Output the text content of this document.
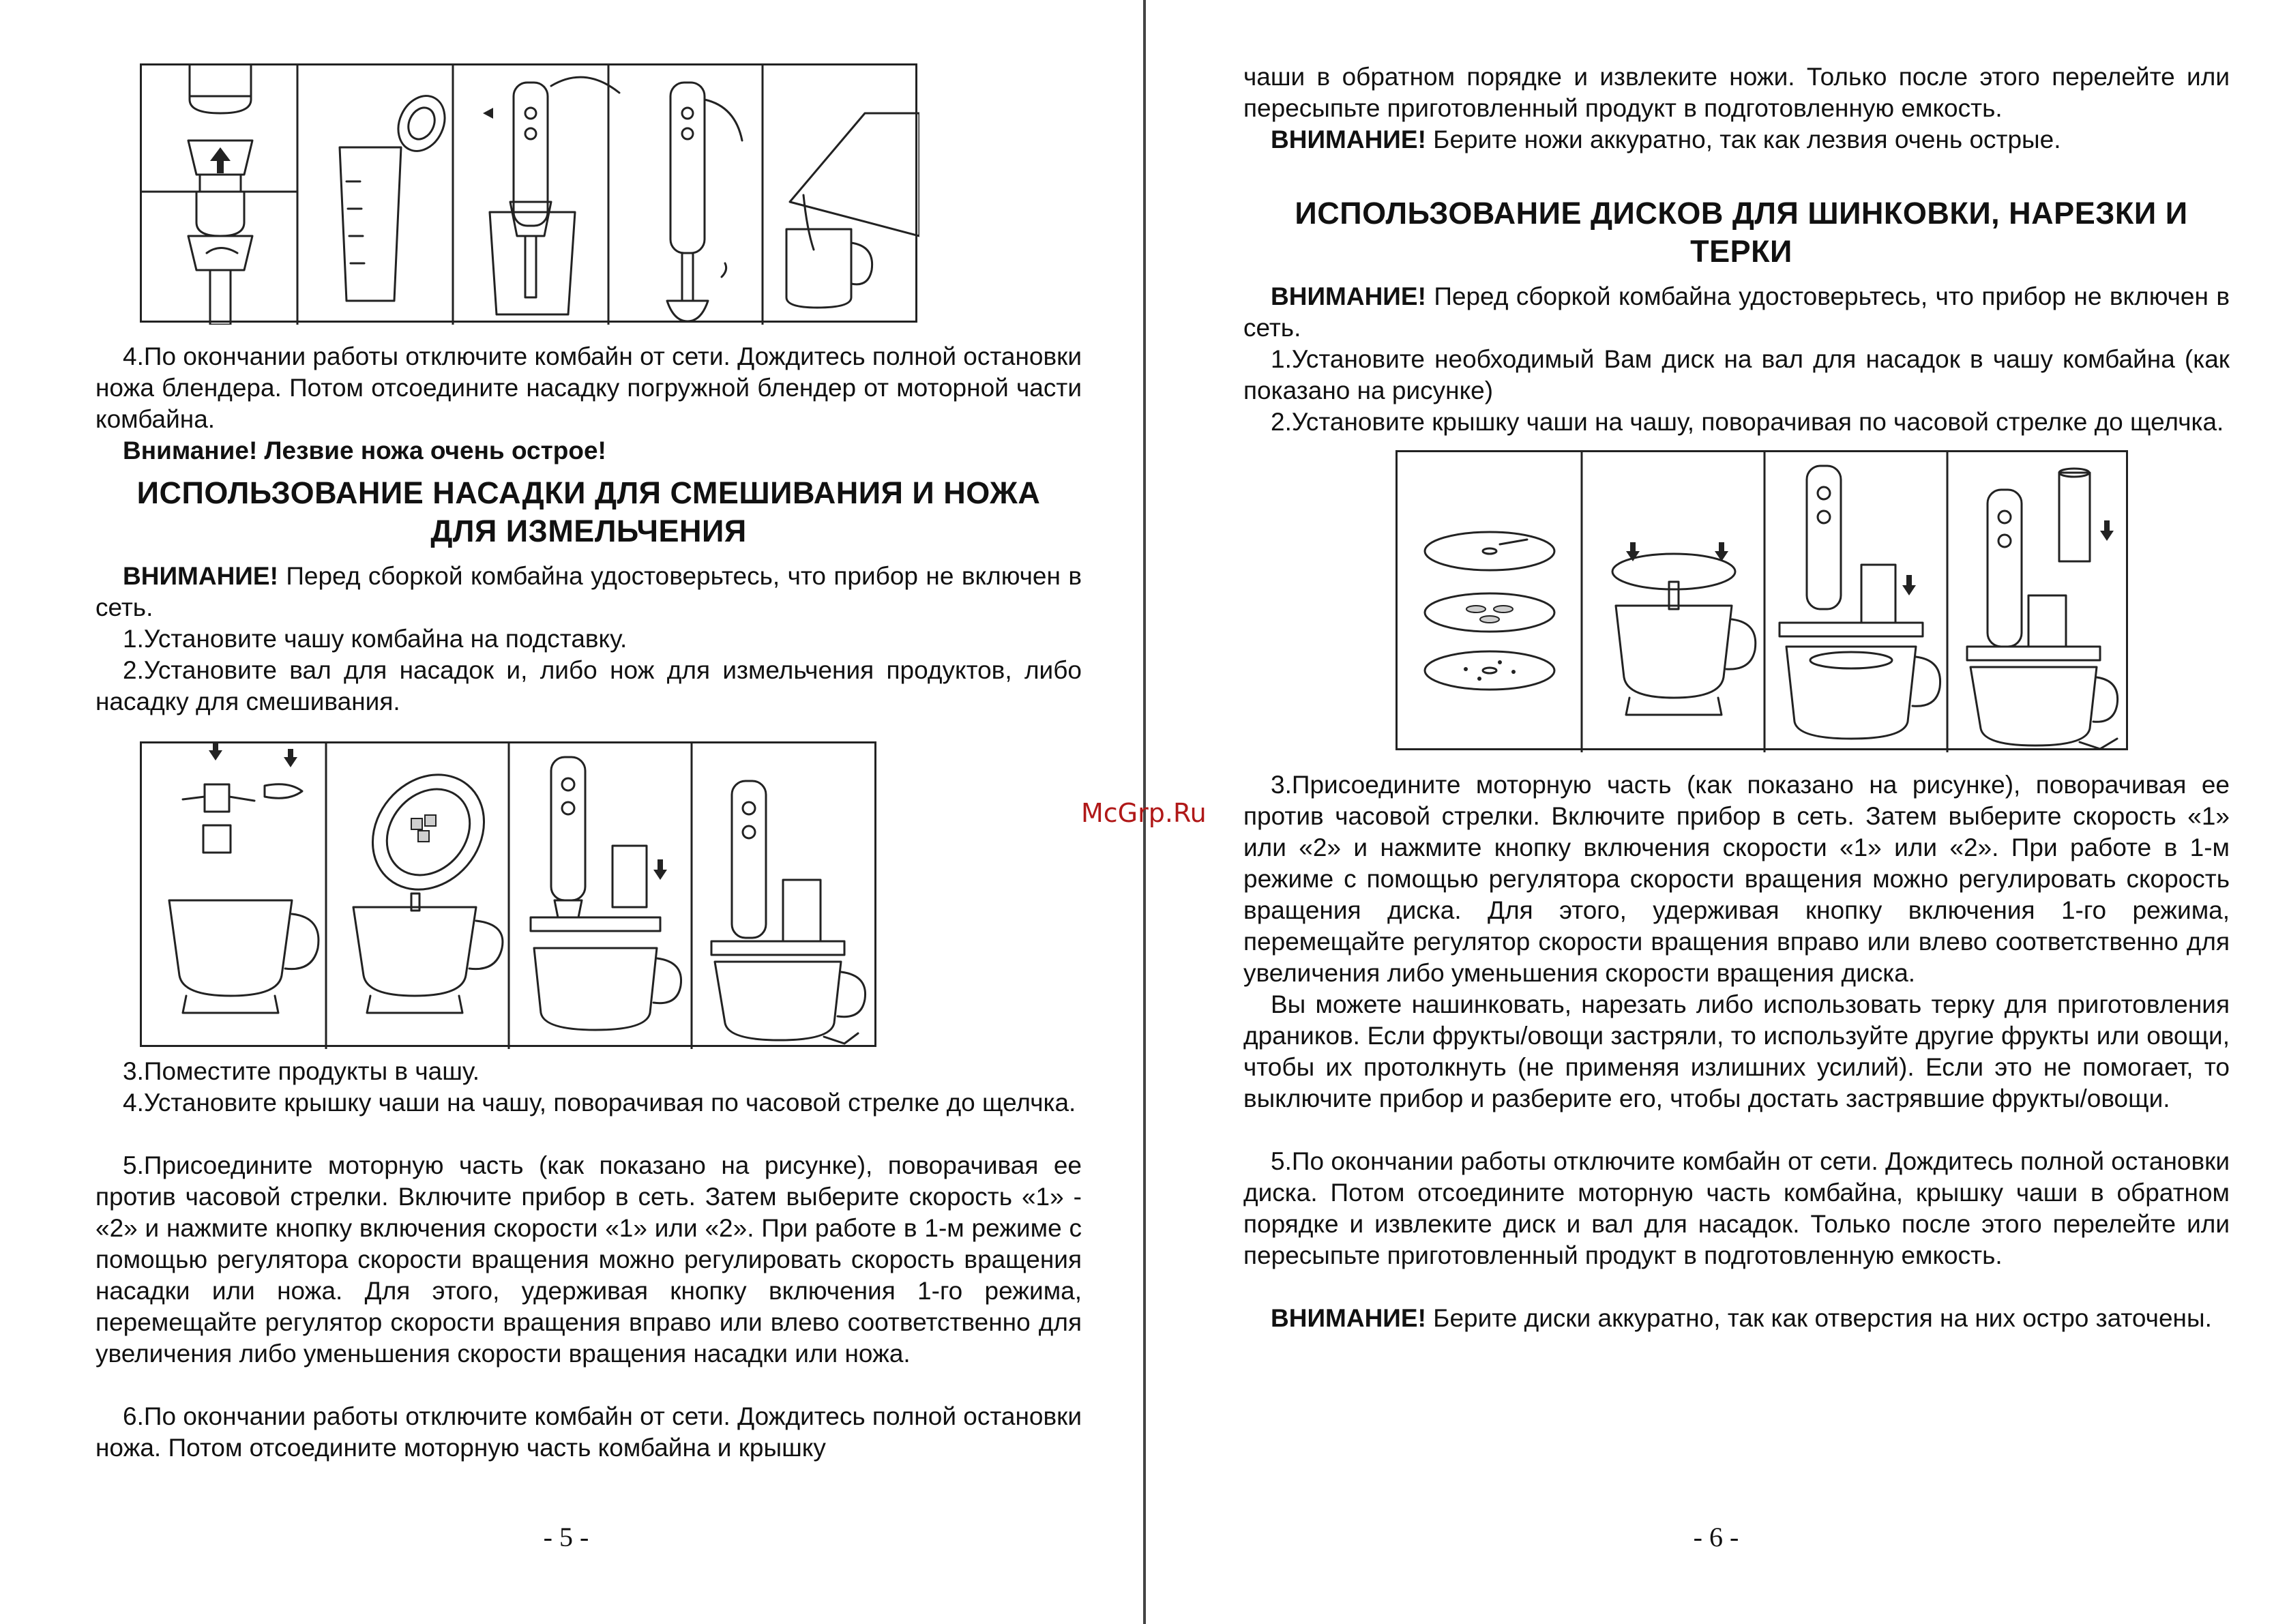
4.По окончании работы отключите комбайн от сети. Дождитесь полной остановки ножа блендера. Потом отсоедините насадку погружной блендер от моторной части комбайна.

Внимание! Лезвие ножа очень острое!

ИСПОЛЬЗОВАНИЕ НАСАДКИ ДЛЯ СМЕШИВАНИЯ И НОЖА
ДЛЯ ИЗМЕЛЬЧЕНИЯ

ВНИМАНИЕ! Перед сборкой комбайна удостоверьтесь, что прибор не включен в сеть.

1.Установите чашу комбайна на подставку.

2.Установите вал для насадок и, либо нож для измельчения продуктов, либо насадку для смешивания.

3.Поместите продукты в чашу.

4.Установите крышку чаши на чашу, поворачивая по часовой стрелке до щелчка.

5.Присоедините моторную часть (как показано на рисунке), поворачивая ее против часовой стрелки. Включите прибор в сеть. Затем выберите скорость «1» - «2» и нажмите кнопку включения скорости «1» или «2». При работе в 1-м режиме с помощью регулятора скорости вращения можно регулировать скорость вращения насадки или ножа. Для этого, удерживая кнопку включения 1-го режима, перемещайте регулятор скорости вращения вправо или влево соответственно для увеличения либо уменьшения скорости вращения насадки или ножа.

6.По окончании работы отключите комбайн от сети. Дождитесь полной остановки ножа. Потом отсоедините моторную часть комбайна и крышку

- 5 -

чаши в обратном порядке и извлеките ножи. Только после этого перелейте или пересыпьте приготовленный продукт в подготовленную емкость.

ВНИМАНИЕ! Берите ножи аккуратно, так как лезвия очень острые.

ИСПОЛЬЗОВАНИЕ ДИСКОВ ДЛЯ ШИНКОВКИ, НАРЕЗКИ И
ТЕРКИ

ВНИМАНИЕ! Перед сборкой комбайна удостоверьтесь, что прибор не включен в сеть.

1.Установите необходимый Вам диск на вал для насадок в чашу комбайна (как показано на рисунке)

2.Установите крышку чаши на чашу, поворачивая по часовой стрелке до щелчка.

3.Присоедините моторную часть (как показано на рисунке), поворачивая ее против часовой стрелки. Включите прибор в сеть. Затем выберите скорость «1» или «2» и нажмите кнопку включения скорости «1» или «2». При работе в 1-м режиме с помощью регулятора скорости вращения можно регулировать скорость вращения диска. Для этого, удерживая кнопку включения 1-го режима, перемещайте регулятор скорости вращения вправо или влево соответственно для увеличения либо уменьшения скорости вращения диска.

Вы можете нашинковать, нарезать либо использовать терку для приготовления драников. Если фрукты/овощи застряли, то используйте другие фрукты или овощи, чтобы их протолкнуть (не применяя излишних усилий). Если это не помогает, то выключите прибор и разберите его, чтобы достать застрявшие фрукты/овощи.

5.По окончании работы отключите комбайн от сети. Дождитесь полной остановки диска. Потом отсоедините моторную часть комбайна, крышку чаши в обратном порядке и извлеките диск и вал для насадок. Только после этого перелейте или пересыпьте приготовленный продукт в подготовленную емкость.

ВНИМАНИЕ! Берите диски аккуратно, так как отверстия на них остро заточены.

- 6 -
McGrp.Ru
